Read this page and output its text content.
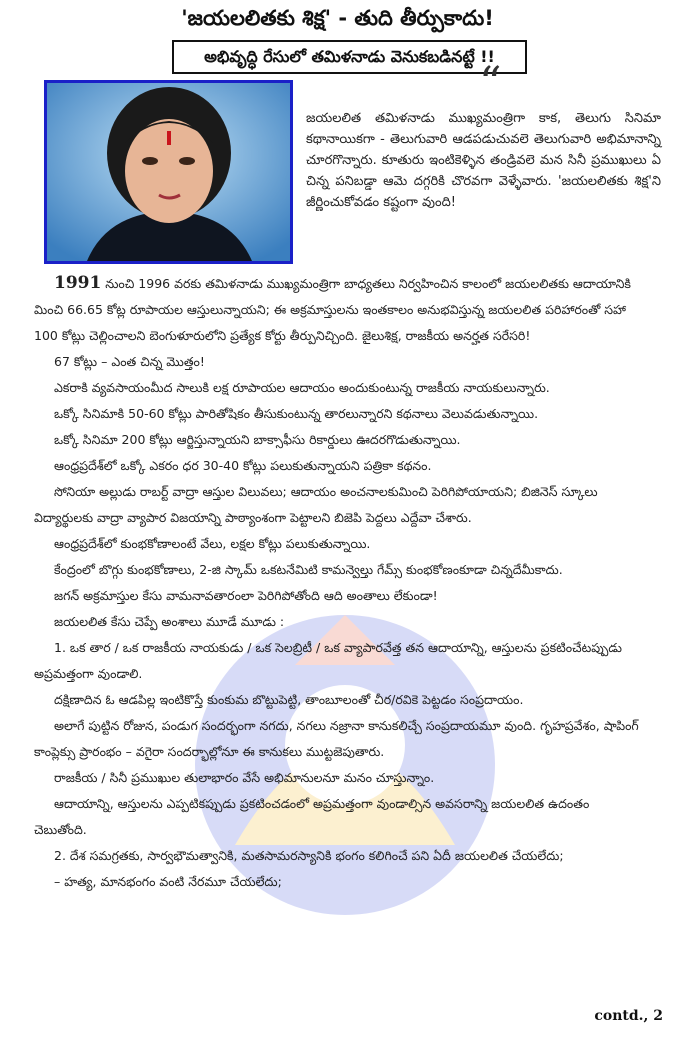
'జయలలితకు శిక్ష' - తుది తీర్పుకాదు!
అభివృద్ధి రేసులో తమిళనాడు వెనుకబడినట్టే !!
“
జయలలిత తమిళనాడు ముఖ్యమంత్రిగా కాక, తెలుగు సినిమా కథానాయికగా - తెలుగువారి ఆడపడుచువలె తెలుగువారి అభిమానాన్ని చూరగొన్నారు. కూతురు ఇంటికెళ్ళిన తండ్రివలె మన సినీ ప్రముఖులు ఏ చిన్న పనిబడ్డా ఆమె దగ్గరికి చొరవగా వెళ్ళేవారు. 'జయలలితకు శిక్ష'ని జీర్ణించుకోవడం కష్టంగా వుంది!

1991 నుంచి 1996 వరకు తమిళనాడు ముఖ్యమంత్రిగా బాధ్యతలు నిర్వహించిన కాలంలో జయలలితకు ఆదాయానికి మించి 66.65 కోట్ల రూపాయల ఆస్తులున్నాయని; ఈ అక్రమాస్తులను ఇంతకాలం అనుభవిస్తున్న జయలలిత పరిహారంతో సహా 100 కోట్లు చెల్లించాలని బెంగుళూరులోని ప్రత్యేక కోర్టు తీర్పునిచ్చింది. జైలుశిక్ష, రాజకీయ అనర్హత సరేసరి!

67 కోట్లు – ఎంత చిన్న మొత్తం!

ఎకరాకి వ్యవసాయంమీద సాలుకి లక్ష రూపాయల ఆదాయం అందుకుంటున్న రాజకీయ నాయకులున్నారు.

ఒక్కో సినిమాకి 50-60 కోట్లు పారితోషికం తీసుకుంటున్న తారలున్నారని కథనాలు వెలువడుతున్నాయి.

ఒక్కో సినిమా 200 కోట్లు ఆర్జిస్తున్నాయని బాక్సాఫీసు రికార్డులు ఊదరగొడుతున్నాయి.

ఆంధ్రప్రదేశ్‌లో ఒక్కో ఎకరం ధర 30-40 కోట్లు పలుకుతున్నాయని పత్రికా కథనం.

సోనియా అల్లుడు రాబర్ట్ వాద్రా ఆస్తుల విలువలు; ఆదాయం అంచనాలకుమించి పెరిగిపోయాయని; బిజినెస్ స్కూలు విద్యార్థులకు వాద్రా వ్యాపార విజయాన్ని పాఠ్యాంశంగా పెట్టాలని బిజెపి పెద్దలు ఎద్దేవా చేశారు.

ఆంధ్రప్రదేశ్‌లో కుంభకోణాలంటే వేలు, లక్షల కోట్లు పలుకుతున్నాయి.

కేంద్రంలో బొగ్గు కుంభకోణాలు, 2-జి స్కామ్ ఒకటనేమిటి కామన్వెల్తు గేమ్స్ కుంభకోణంకూడా చిన్నదేమీకాదు.

జగన్ అక్రమాస్తుల కేసు వామనావతారంలా పెరిగిపోతోంది ఆది అంతాలు లేకుండా!

జయలలిత కేసు చెప్పే అంశాలు మూడే మూడు :

1. ఒక తార / ఒక రాజకీయ నాయకుడు / ఒక సెలబ్రిటీ / ఒక వ్యాపారవేత్త తన ఆదాయాన్ని, ఆస్తులను ప్రకటించేటప్పుడు అప్రమత్తంగా వుండాలి.

దక్షిణాదిన ఓ ఆడపిల్ల ఇంటికొస్తే కుంకుమ బొట్టుపెట్టి, తాంబూలంతో చీర/రవికె పెట్టడం సంప్రదాయం.

అలాగే పుట్టిన రోజున, పండుగ సందర్భంగా నగదు, నగలు నజ్రానా కానుకలిచ్చే సంప్రదాయమూ వుంది. గృహప్రవేశం, షాపింగ్ కాంప్లెక్సు ప్రారంభం – వగైరా సందర్భాల్లోనూ ఈ కానుకలు ముట్టజెపుతారు.

రాజకీయ / సినీ ప్రముఖుల తులాభారం వేసే అభిమానులనూ మనం చూస్తున్నాం.

ఆదాయాన్ని, ఆస్తులను ఎప్పటికప్పుడు ప్రకటించడంలో అప్రమత్తంగా వుండాల్సిన అవసరాన్ని జయలలిత ఉదంతం చెబుతోంది.

2. దేశ సమగ్రతకు, సార్వభౌమత్వానికి, మతసామరస్యానికి భంగం కలిగించే పని ఏదీ జయలలిత చేయలేదు;

– హత్య, మానభంగం వంటి నేరమూ చేయలేదు;

contd., 2
